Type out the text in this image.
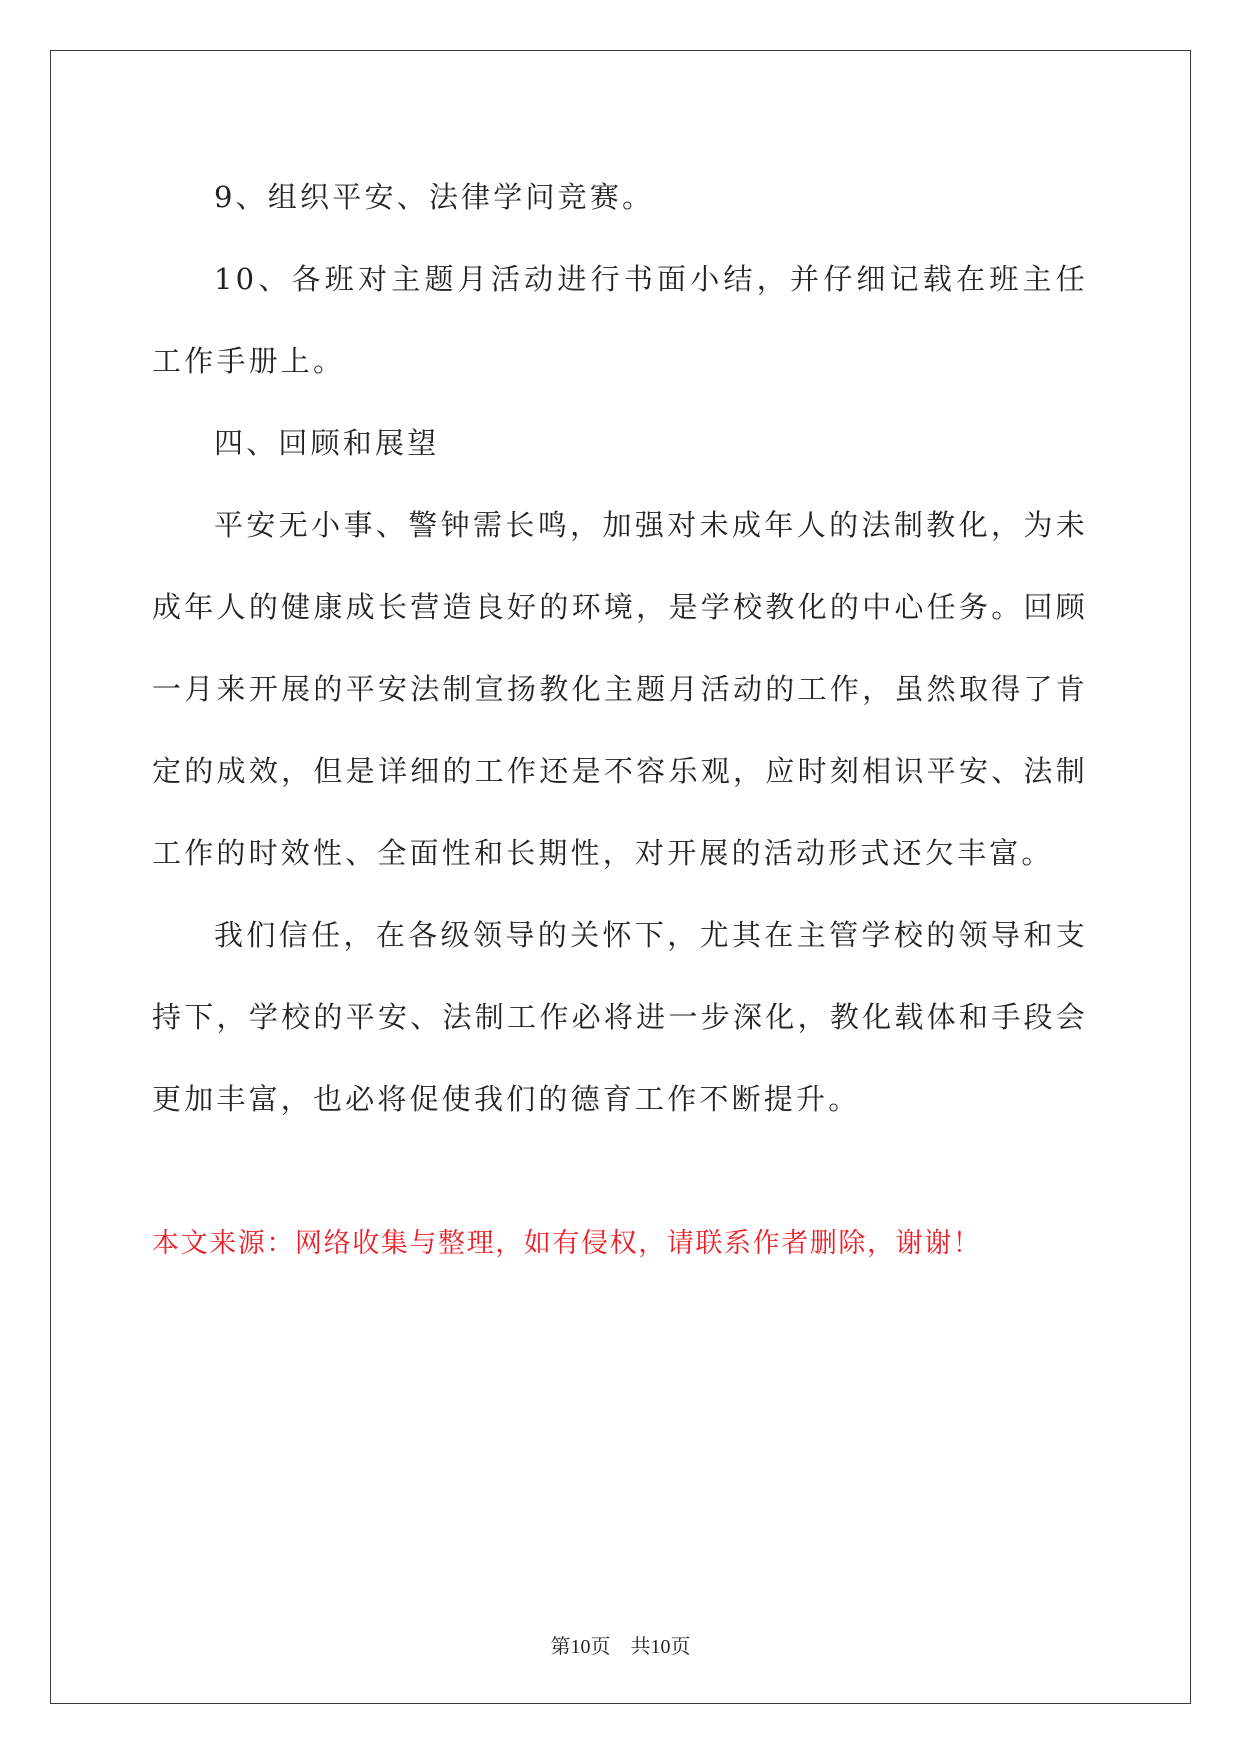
9、组织平安、法律学问竞赛。

10、各班对主题月活动进行书面小结，并仔细记载在班主任工作手册上。

四、回顾和展望

平安无小事、警钟需长鸣，加强对未成年人的法制教化，为未成年人的健康成长营造良好的环境，是学校教化的中心任务。回顾一月来开展的平安法制宣扬教化主题月活动的工作，虽然取得了肯定的成效，但是详细的工作还是不容乐观，应时刻相识平安、法制工作的时效性、全面性和长期性，对开展的活动形式还欠丰富。

我们信任，在各级领导的关怀下，尤其在主管学校的领导和支持下，学校的平安、法制工作必将进一步深化，教化载体和手段会更加丰富，也必将促使我们的德育工作不断提升。

本文来源：网络收集与整理，如有侵权，请联系作者删除，谢谢！
第10页　共10页
